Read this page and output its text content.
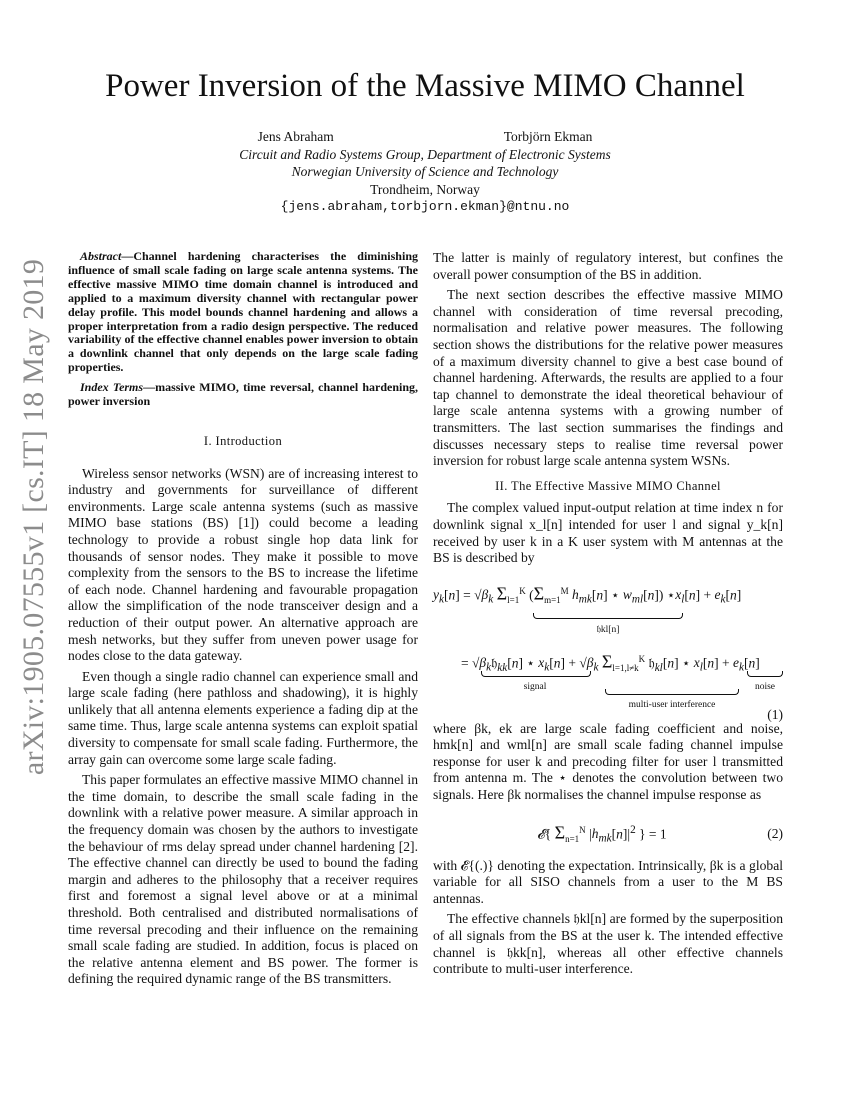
arXiv:1905.07555v1 [cs.IT] 18 May 2019
Power Inversion of the Massive MIMO Channel
Jens Abraham	Torbjörn Ekman
Circuit and Radio Systems Group, Department of Electronic Systems
Norwegian University of Science and Technology
Trondheim, Norway
{jens.abraham,torbjorn.ekman}@ntnu.no

Abstract—Channel hardening characterises the diminishing influence of small scale fading on large scale antenna systems. The effective massive MIMO time domain channel is introduced and applied to a maximum diversity channel with rectangular power delay profile. This model bounds channel hardening and allows a proper interpretation from a radio design perspective. The reduced variability of the effective channel enables power inversion to obtain a downlink channel that only depends on the large scale fading properties.

Index Terms—massive MIMO, time reversal, channel hardening, power inversion

I. Introduction

Wireless sensor networks (WSN) are of increasing interest to industry and governments for surveillance of different environments. Large scale antenna systems (such as massive MIMO base stations (BS) [1]) could become a leading technology to provide a robust single hop data link for thousands of sensor nodes. They make it possible to move complexity from the sensors to the BS to increase the lifetime of each node. Channel hardening and favourable propagation allow the simplification of the node transceiver design and a reduction of their output power. An alternative approach are mesh networks, but they suffer from uneven power usage for nodes close to the data gateway.

Even though a single radio channel can experience small and large scale fading (here pathloss and shadowing), it is highly unlikely that all antenna elements experience a fading dip at the same time. Thus, large scale antenna systems can exploit spatial diversity to compensate for small scale fading. Furthermore, the array gain can overcome some large scale fading.

This paper formulates an effective massive MIMO channel in the time domain, to describe the small scale fading in the downlink with a relative power measure. A similar approach in the frequency domain was chosen by the authors to investigate the behaviour of rms delay spread under channel hardening [2]. The effective channel can directly be used to bound the fading margin and adheres to the philosophy that a receiver requires first and foremost a signal level above or at a minimal threshold. Both centralised and distributed normalisations of time reversal precoding and their influence on the remaining small scale fading are studied. In addition, focus is placed on the relative antenna element and BS power. The former is defining the required dynamic range of the BS transmitters.

The latter is mainly of regulatory interest, but confines the overall power consumption of the BS in addition.

The next section describes the effective massive MIMO channel with consideration of time reversal precoding, normalisation and relative power measures. The following section shows the distributions for the relative power measures of a maximum diversity channel to give a best case bound of channel hardening. Afterwards, the results are applied to a four tap channel to demonstrate the ideal theoretical behaviour of large scale antenna systems with a growing number of transmitters. The last section summarises the findings and discusses necessary steps to realise time reversal power inversion for robust large scale antenna system WSNs.

II. The Effective Massive MIMO Channel

The complex valued input-output relation at time index n for downlink signal x_l[n] intended for user l and signal y_k[n] received by user k in a K user system with M antennas at the BS is described by

$y_k[n] = √\beta_k$ $\Sigma_{l=1}^K$ ($\Sigma_{m=1}^M$ $h_{mk}[n]$ ⋆ $w_{ml}[n]$) $⋆x_l[n] + e_k[n]$
𝔥kl[n]
= $√\beta_k𝔥_{kk}[n]$ ⋆ $x_k[n] + √\beta_k$ $\Sigma_{l=1,l\ne k}^K$ 𝔥$_{kl}$[n] ⋆ $x_l[n] + e_k[n]$
signal
multi-user interference
noise
(1)

where βk, ek are large scale fading coefficient and noise, hmk[n] and wml[n] are small scale fading channel impulse response for user k and precoding filter for user l transmitted from antenna m. The ⋆ denotes the convolution between two signals. Here βk normalises the channel impulse response as

𝓔{ $\Sigma_{n=1}^N$ $|h_{mk}[n]|^2$ } = 1	(2)

with 𝓔{(.)} denoting the expectation. Intrinsically, βk is a global variable for all SISO channels from a user to the M BS antennas.

The effective channels 𝔥kl[n] are formed by the superposition of all signals from the BS at the user k. The intended effective channel is 𝔥kk[n], whereas all other effective channels contribute to multi-user interference.
